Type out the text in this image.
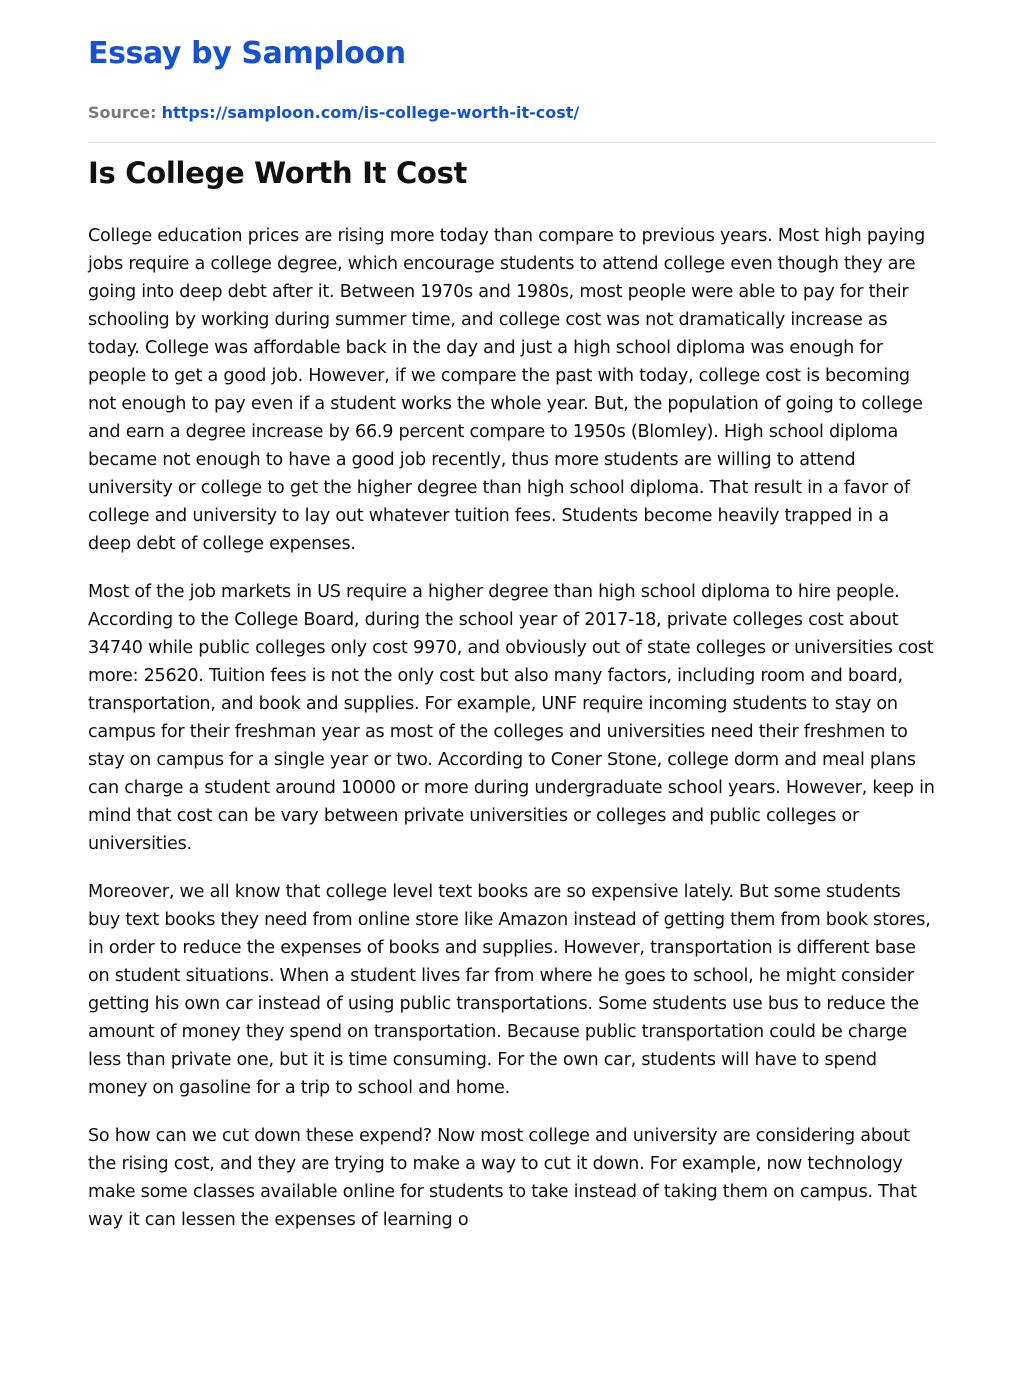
Essay by Samploon
Source: https://samploon.com/is-college-worth-it-cost/
Is College Worth It Cost

College education prices are rising more today than compare to previous years. Most high paying jobs require a college degree, which encourage students to attend college even though they are going into deep debt after it. Between 1970s and 1980s, most people were able to pay for their schooling by working during summer time, and college cost was not dramatically increase as today. College was affordable back in the day and just a high school diploma was enough for people to get a good job. However, if we compare the past with today, college cost is becoming not enough to pay even if a student works the whole year. But, the population of going to college and earn a degree increase by 66.9 percent compare to 1950s (Blomley). High school diploma became not enough to have a good job recently, thus more students are willing to attend university or college to get the higher degree than high school diploma. That result in a favor of college and university to lay out whatever tuition fees. Students become heavily trapped in a deep debt of college expenses.

Most of the job markets in US require a higher degree than high school diploma to hire people. According to the College Board, during the school year of 2017-18, private colleges cost about 34740 while public colleges only cost 9970, and obviously out of state colleges or universities cost more: 25620. Tuition fees is not the only cost but also many factors, including room and board, transportation, and book and supplies. For example, UNF require incoming students to stay on campus for their freshman year as most of the colleges and universities need their freshmen to stay on campus for a single year or two. According to Coner Stone, college dorm and meal plans can charge a student around 10000 or more during undergraduate school years. However, keep in mind that cost can be vary between private universities or colleges and public colleges or universities.

Moreover, we all know that college level text books are so expensive lately. But some students buy text books they need from online store like Amazon instead of getting them from book stores, in order to reduce the expenses of books and supplies. However, transportation is different base on student situations. When a student lives far from where he goes to school, he might consider getting his own car instead of using public transportations. Some students use bus to reduce the amount of money they spend on transportation. Because public transportation could be charge less than private one, but it is time consuming. For the own car, students will have to spend money on gasoline for a trip to school and home.

So how can we cut down these expend? Now most college and university are considering about the rising cost, and they are trying to make a way to cut it down. For example, now technology make some classes available online for students to take instead of taking them on campus. That way it can lessen the expenses of learning o
